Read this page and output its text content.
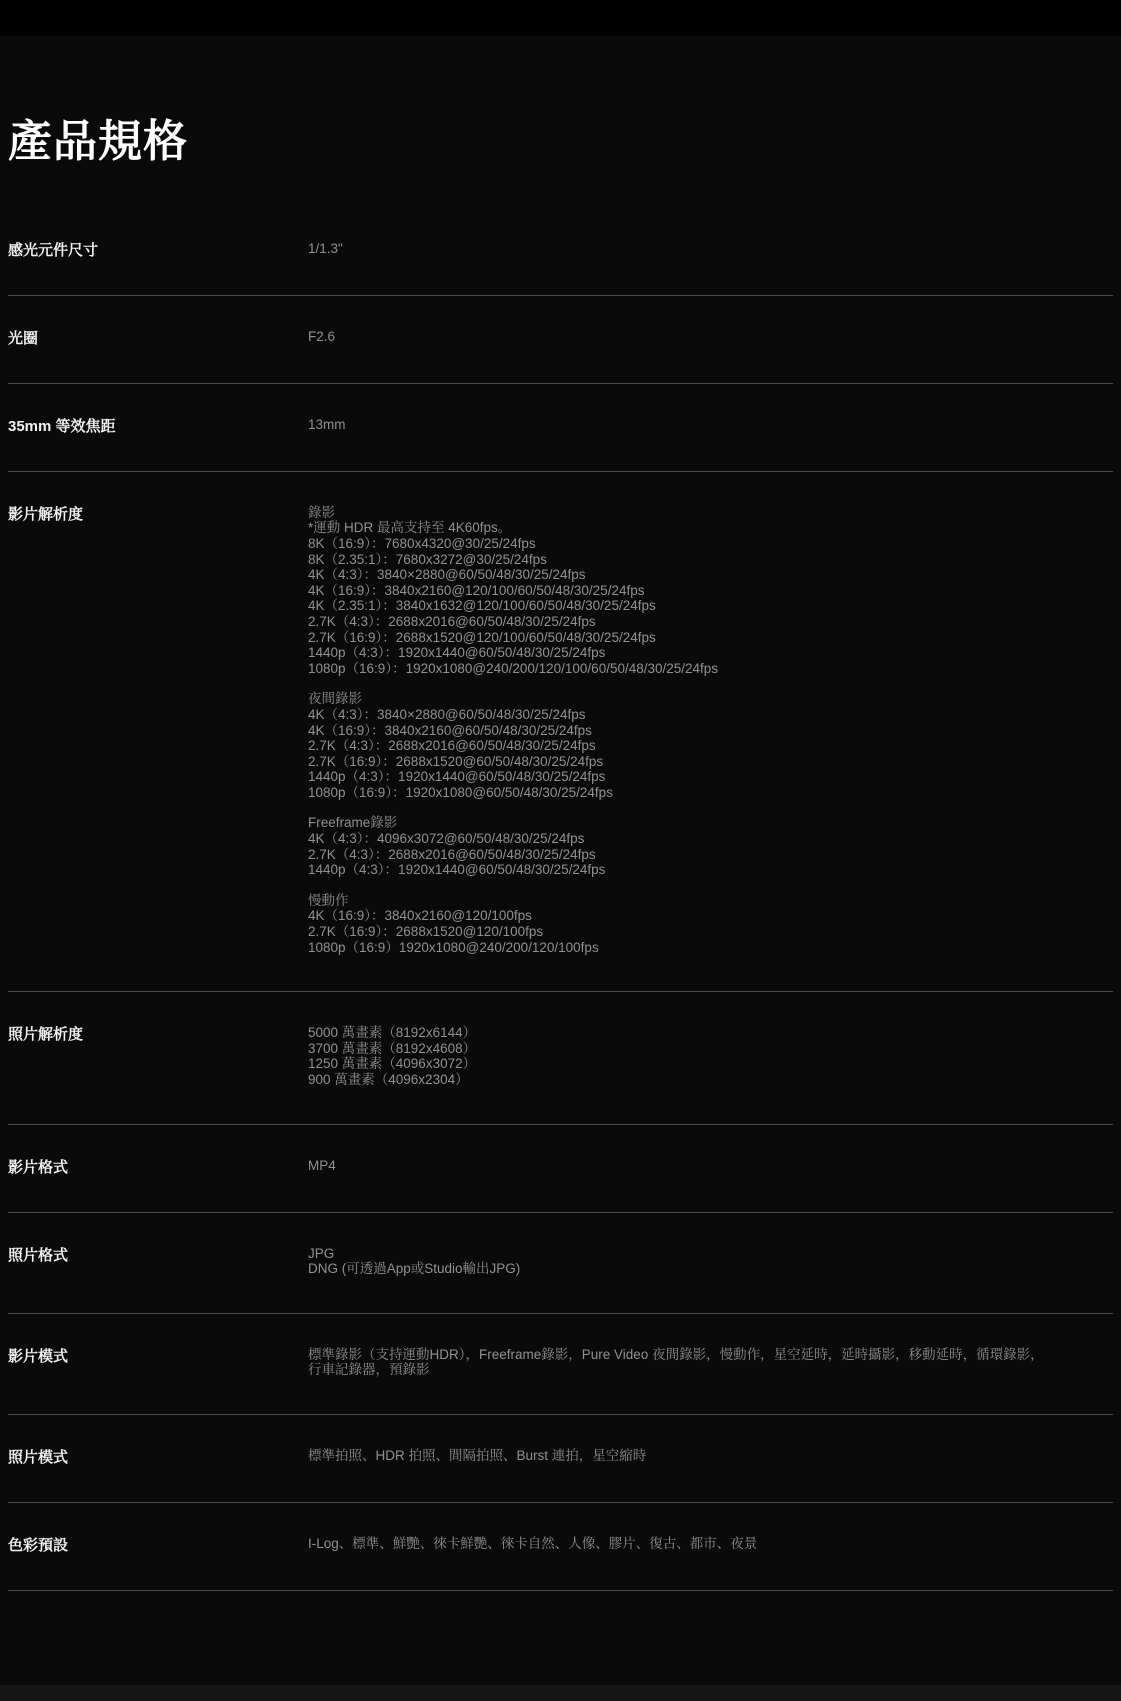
產品規格
感光元件尺寸	1/1.3"
光圈	F2.6
35mm 等效焦距	13mm
影片解析度	錄影
*運動 HDR 最高支持至 4K60fps。
8K（16:9）：7680x4320@30/25/24fps
8K（2.35:1）：7680x3272@30/25/24fps
4K（4:3）：3840×2880@60/50/48/30/25/24fps
4K（16:9）：3840x2160@120/100/60/50/48/30/25/24fps
4K（2.35:1）：3840x1632@120/100/60/50/48/30/25/24fps
2.7K（4:3）：2688x2016@60/50/48/30/25/24fps
2.7K（16:9）：2688x1520@120/100/60/50/48/30/25/24fps
1440p（4:3）：1920x1440@60/50/48/30/25/24fps
1080p（16:9）：1920x1080@240/200/120/100/60/50/48/30/25/24fps
夜間錄影
4K（4:3）：3840×2880@60/50/48/30/25/24fps
4K（16:9）：3840x2160@60/50/48/30/25/24fps
2.7K（4:3）：2688x2016@60/50/48/30/25/24fps
2.7K（16:9）：2688x1520@60/50/48/30/25/24fps
1440p（4:3）：1920x1440@60/50/48/30/25/24fps
1080p（16:9）：1920x1080@60/50/48/30/25/24fps
Freeframe錄影
4K（4:3）：4096x3072@60/50/48/30/25/24fps
2.7K（4:3）：2688x2016@60/50/48/30/25/24fps
1440p（4:3）：1920x1440@60/50/48/30/25/24fps
慢動作
4K（16:9）：3840x2160@120/100fps
2.7K（16:9）：2688x1520@120/100fps
1080p（16:9）1920x1080@240/200/120/100fps
照片解析度	5000 萬畫素（8192x6144）
3700 萬畫素（8192x4608）
1250 萬畫素（4096x3072）
900 萬畫素（4096x2304）
影片格式	MP4
照片格式	JPG
DNG (可透過App或Studio輸出JPG)
影片模式	標準錄影（支持運動HDR），Freeframe錄影，Pure Video 夜間錄影，慢動作，星空延時，延時攝影，移動延時，循環錄影，行車記錄器，預錄影
照片模式	標準拍照、HDR 拍照、間隔拍照、Burst 連拍，星空縮時
色彩預設	I-Log、標準、鮮艷、徠卡鮮艷、徠卡自然、人像、膠片、復古、都市、夜景
